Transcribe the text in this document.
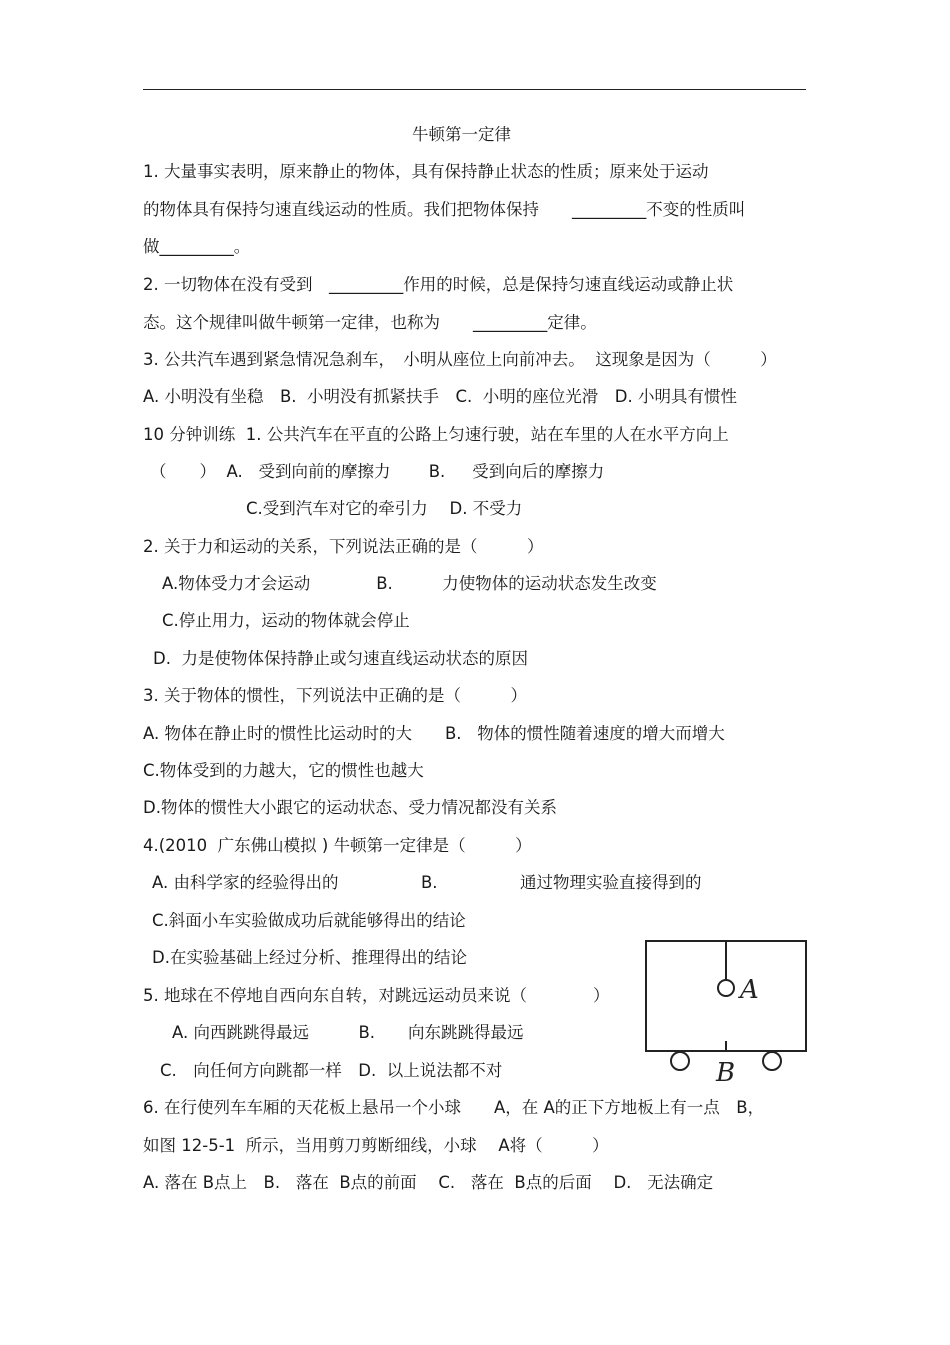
牛顿第一定律
1. 大量事实表明，原来静止的物体，具有保持静止状态的性质；原来处于运动
的物体具有保持匀速直线运动的性质。我们把物体保持　　_________不变的性质叫
做_________。
2. 一切物体在没有受到　_________作用的时候，总是保持匀速直线运动或静止状
态。这个规律叫做牛顿第一定律，也称为　　_________定律。
3. 公共汽车遇到紧急情况急刹车，　小明从座位上向前冲去。  这现象是因为（　　　）
A. 小明没有坐稳　B.  小明没有抓紧扶手　C.  小明的座位光滑　D. 小明具有惯性
10 分钟训练  1. 公共汽车在平直的公路上匀速行驶，站在车里的人在水平方向上
（　　）  A.   受到向前的摩擦力　　 B.　  受到向后的摩擦力
C.受到汽车对它的牵引力　 D. 不受力
2. 关于力和运动的关系，下列说法正确的是（　　　）
A.物体受力才会运动　　　　B.　　　力使物体的运动状态发生改变
C.停止用力，运动的物体就会停止
D.  力是使物体保持静止或匀速直线运动状态的原因
3. 关于物体的惯性，下列说法中正确的是（　　　）
A. 物体在静止时的惯性比运动时的大　　B.   物体的惯性随着速度的增大而增大
C.物体受到的力越大，它的惯性也越大
D.物体的惯性大小跟它的运动状态、受力情况都没有关系
4.(2010  广东佛山模拟 ) 牛顿第一定律是（　　　）
A. 由科学家的经验得出的　　　　　B.　　　　　通过物理实验直接得到的
C.斜面小车实验做成功后就能够得出的结论
D.在实验基础上经过分析、推理得出的结论
5. 地球在不停地自西向东自转，对跳远运动员来说（　　　　）
A. 向西跳跳得最远　　　B.　　向东跳跳得最远
C.　向任何方向跳都一样　D.  以上说法都不对
6. 在行使列车车厢的天花板上悬吊一个小球　　A，在 A的正下方地板上有一点　B，
如图 12-5-1  所示，当用剪刀剪断细线，小球　 A将（　　　）
A. 落在 B点上　B.   落在  B点的前面　 C.   落在  B点的后面　 D.   无法确定
A
B
